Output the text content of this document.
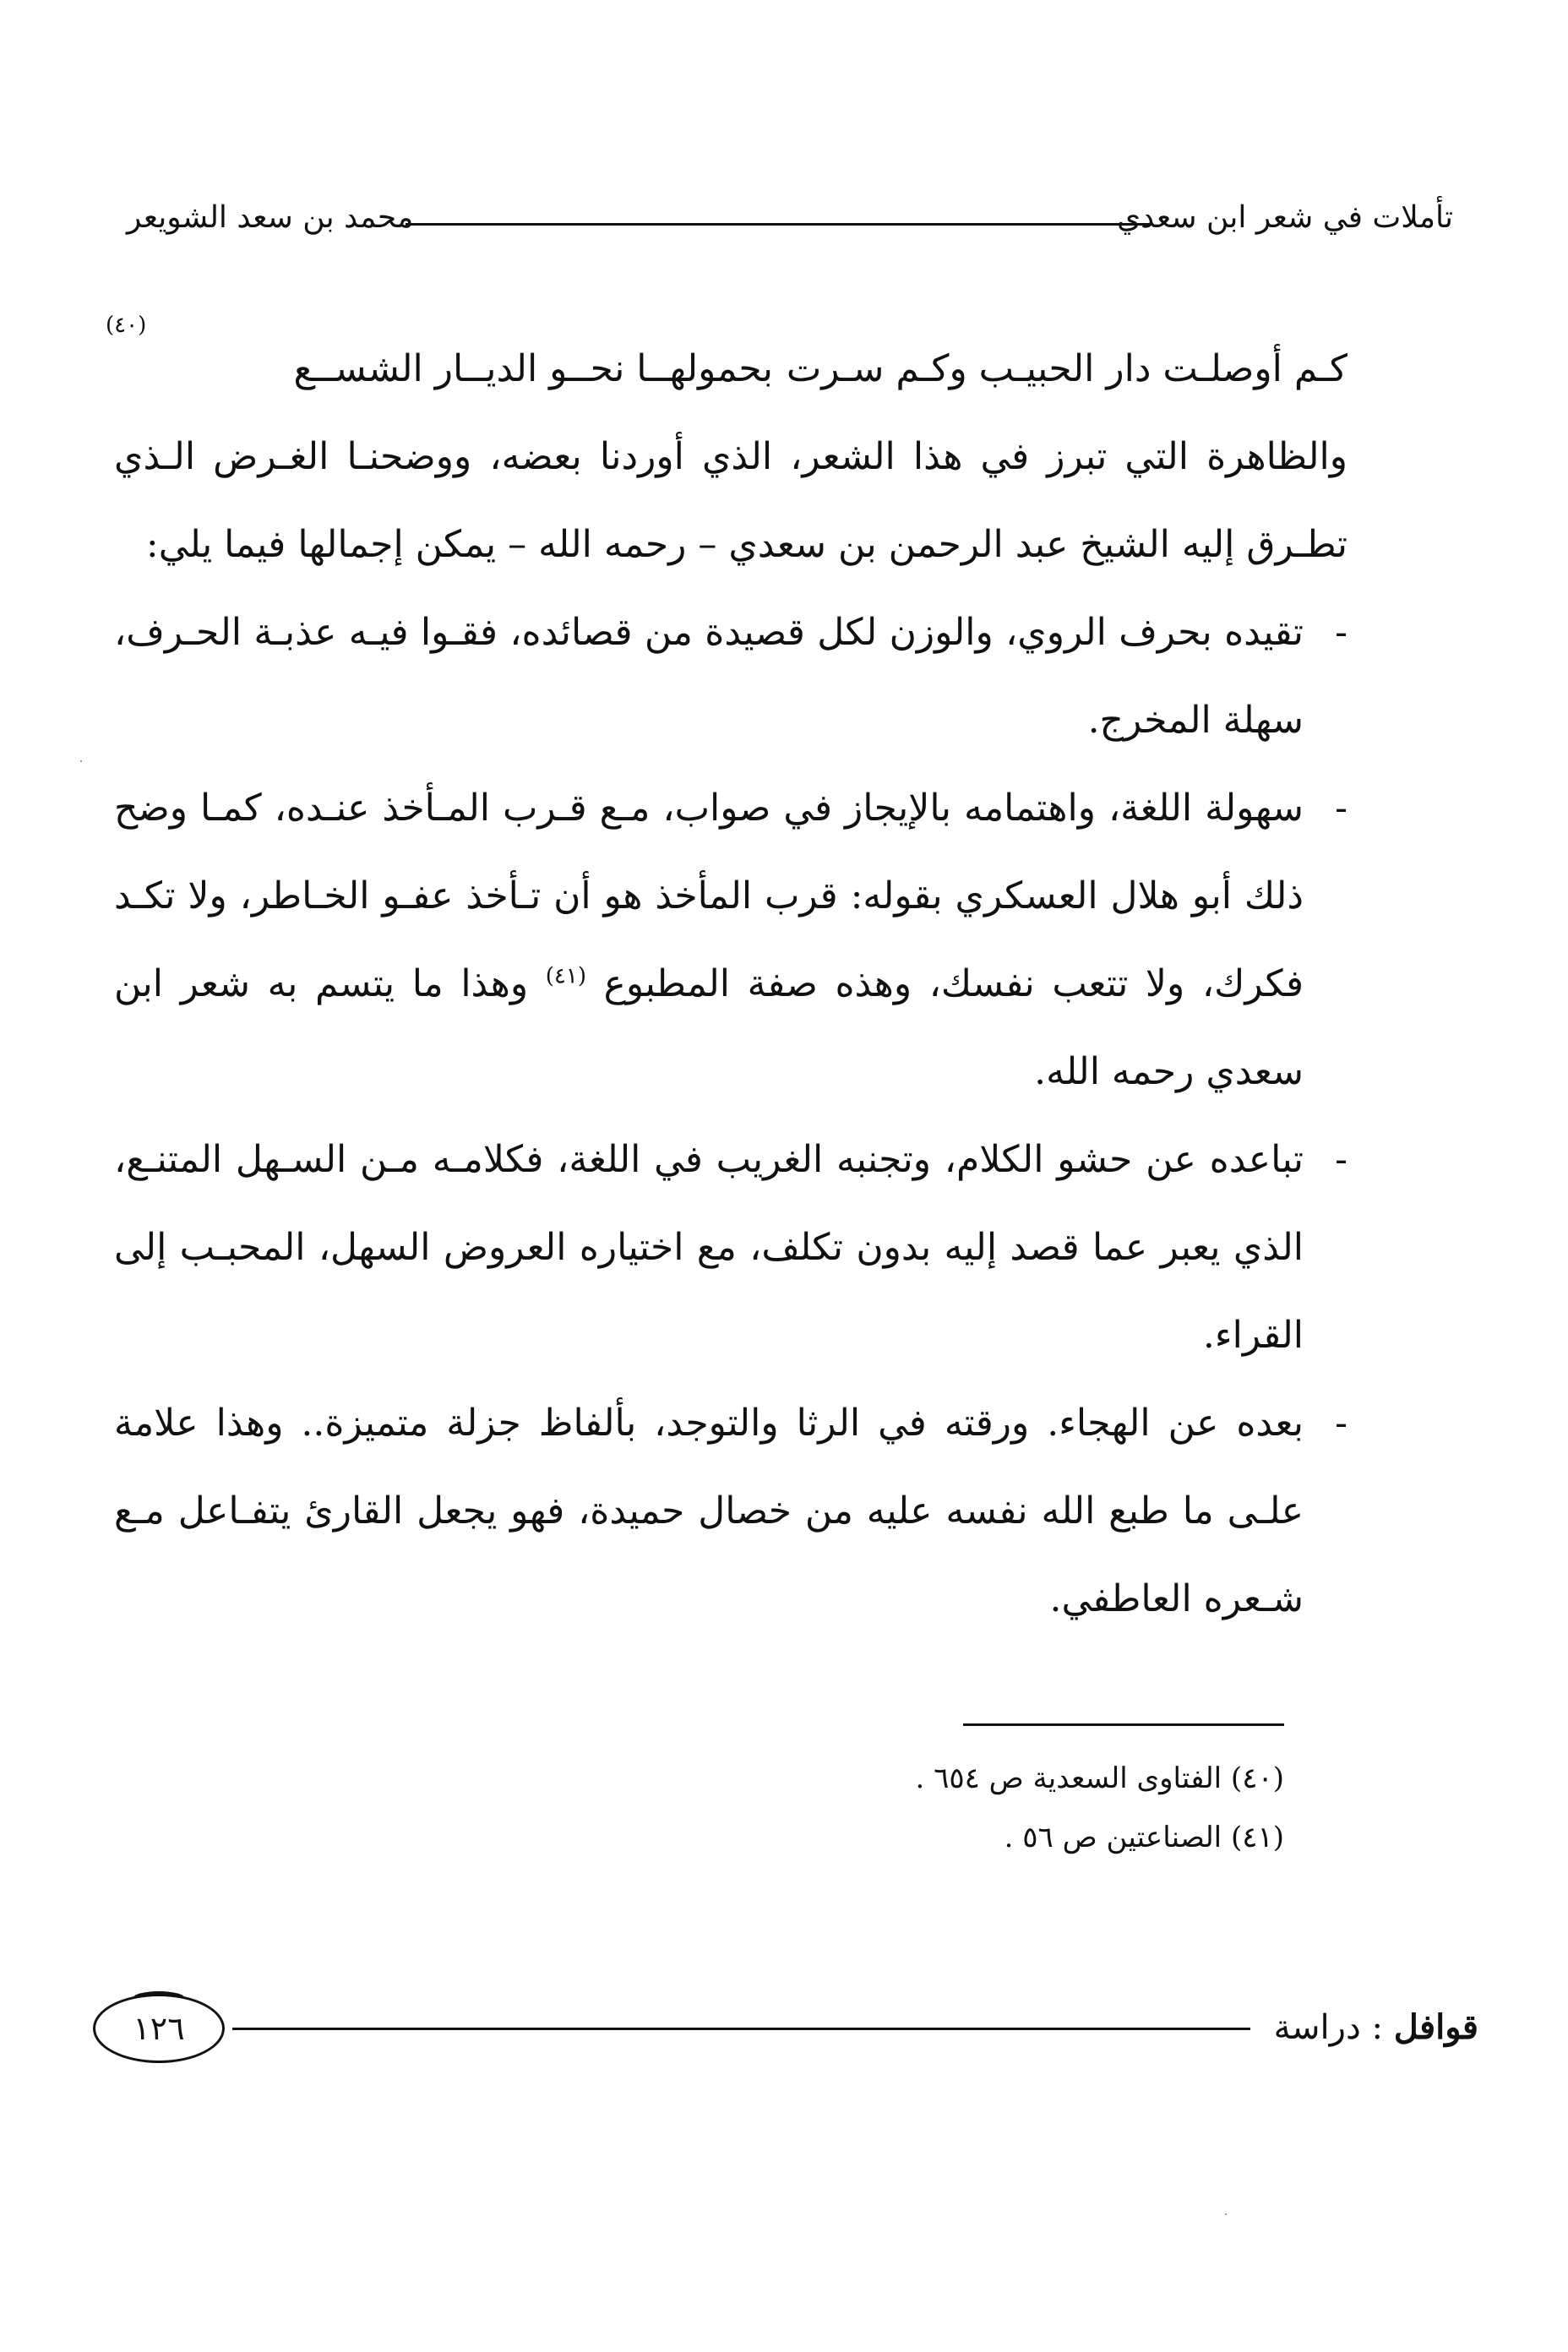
تأملات في شعر ابن سعدي
محمد بن سعد الشويعر
كـم أوصلـت دار الحبيـب وكـم سـرت
بحمولهــا نحــو الديــار الشســع
(٤٠)

والظاهرة التي تبرز في هذا الشعر، الذي أوردنا بعضه، ووضحنـا الغـرض الـذي تطـرق إليه الشيخ عبد الرحمن بن سعدي – رحمه الله – يمكن إجمالها فيما يلي:

-
تقيده بحرف الروي، والوزن لكل قصيدة من قصائده، فقـوا فيـه عذبـة الحـرف، سهلة المخرج.
-
سهولة اللغة، واهتمامه بالإيجاز في صواب، مـع قـرب المـأخذ عنـده، كمـا وضح ذلك أبو هلال العسكري بقوله: قرب المأخذ هو أن تـأخذ عفـو الخـاطر، ولا تكـد فكرك، ولا تتعب نفسك، وهذه صفة المطبوع $^{(٤١)}$ وهذا ما يتسم به شعر ابن سعدي رحمه الله.
-
تباعده عن حشو الكلام، وتجنبه الغريب في اللغة، فكلامـه مـن السـهل المتنـع، الذي يعبر عما قصد إليه بدون تكلف، مع اختياره العروض السهل، المحبـب إلى القراء.
-
بعده عن الهجاء. ورقته في الرثا والتوجد، بألفاظ جزلة متميزة.. وهذا علامة علـى ما طبع الله نفسه عليه من خصال حميدة، فهو يجعل القارئ يتفـاعل مـع شـعره العاطفي.
(٤٠) الفتاوى السعدية ص ٦٥٤ .
(٤١) الصناعتين ص ٥٦ .
قوافل : دراسة
١٢٦
